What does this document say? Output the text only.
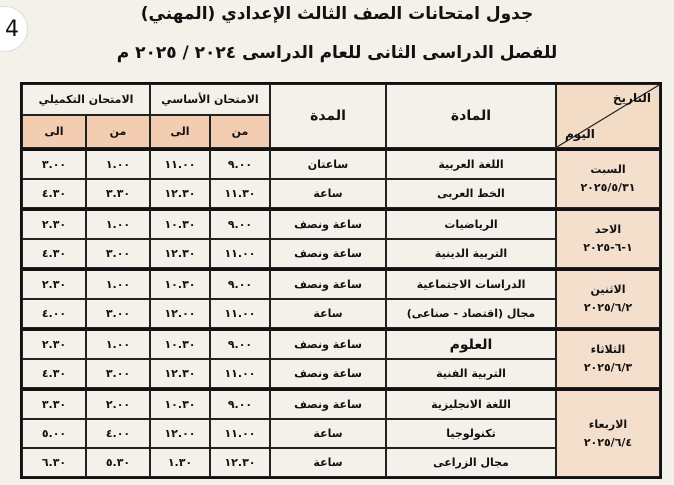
4
جدول امتحانات الصف الثالث الإعدادي (المهني)
للفصل الدراسى الثانى للعام الدراسى ٢٠٢٤ / ٢٠٢٥ م
التاريخ
اليوم	المادة	المدة	الامتحان الأساسي		الامتحان التكميلي	
			من	الى	من	الى

السبت
٢٠٢٥/٥/٣١	اللغة العربية	ساعتان	٩.٠٠	١١.٠٠	١.٠٠	٣.٠٠
	الخط العربى	ساعة	١١.٣٠	١٢.٣٠	٣.٣٠	٤.٣٠

الاحد
١-٦-٢٠٢٥	الرياضيات	ساعة ونصف	٩.٠٠	١٠.٣٠	١.٠٠	٢.٣٠
	التربية الدينية	ساعة ونصف	١١.٠٠	١٢.٣٠	٣.٠٠	٤.٣٠

الاثنين
٢٠٢٥/٦/٢	الدراسات الاجتماعية	ساعة ونصف	٩.٠٠	١٠.٣٠	١.٠٠	٢.٣٠
	مجال (اقتصاد - صناعى)	ساعة	١١.٠٠	١٢.٠٠	٣.٠٠	٤.٠٠

الثلاثاء
٢٠٢٥/٦/٣	العلوم	ساعة ونصف	٩.٠٠	١٠.٣٠	١.٠٠	٢.٣٠
	التربية الفنية	ساعة ونصف	١١.٠٠	١٢.٣٠	٣.٠٠	٤.٣٠

الاربعاء
٢٠٢٥/٦/٤	اللغة الانجليزية	ساعة ونصف	٩.٠٠	١٠.٣٠	٢.٠٠	٣.٣٠
	تكنولوجيا	ساعة	١١.٠٠	١٢.٠٠	٤.٠٠	٥.٠٠
	مجال الزراعى	ساعة	١٢.٣٠	١.٣٠	٥.٣٠	٦.٣٠
